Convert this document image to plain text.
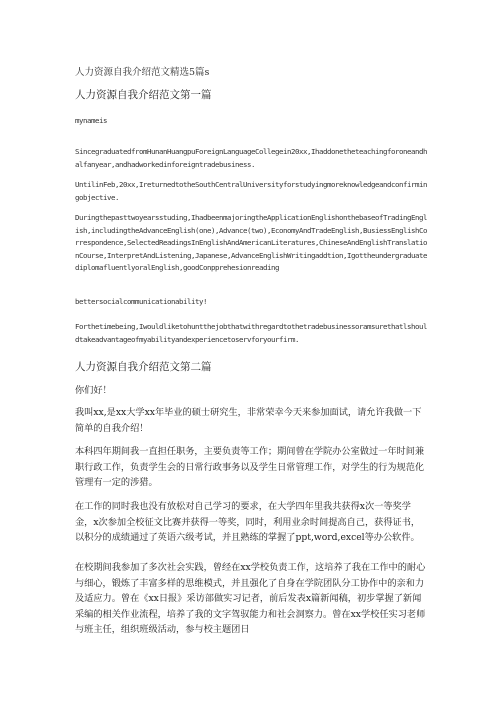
人力资源自我介绍范文精选5篇s
人力资源自我介绍范文第一篇
mynameis
SincegraduatedfromHunanHuangpuForeignLanguageCollegein20xx,Ihaddonetheteachingforoneandhalfanyear,andhadworkedinforeigntradebusiness.
UntilinFeb,20xx,IreturnedtotheSouthCentralUniversityforstudyingmoreknowledgeandconfirmingobjective.
Duringthepasttwoyearsstuding,IhadbeenmajoringtheApplicationEnglishonthebaseofTradingEnglish,includingtheAdvanceEnglish(one),Advance(two),EconomyAndTradeEnglish,BusiessEnglishCorrespondence,SelectedReadingsInEnglishAndAmericanLiteratures,ChineseAndEnglishTranslationCourse,InterpretAndListening,Japanese,AdvanceEnglishWritingaddtion,IgottheundergraduatediplomafluentlyoralEnglish,goodConpprehesionreading
bettersocialcommunicationability!
Forthetimebeing,Iwouldliketohuntthejobthatwithregardtothetradebusinessoramsurethatlshouldtakeadvantageofmyabilityandexperiencetoservforyourfirm.
人力资源自我介绍范文第二篇
你们好！
我叫xx,是xx大学xx年毕业的硕士研究生，非常荣幸今天来参加面试，请允许我做一下简单的自我介绍！
本科四年期间我一直担任职务，主要负责等工作；期间曾在学院办公室做过一年时间兼职行政工作，负责学生会的日常行政事务以及学生日常管理工作，对学生的行为规范化管理有一定的涉猎。
在工作的同时我也没有放松对自己学习的要求，在大学四年里我共获得x次一等奖学金，x次参加全校征文比赛并获得一等奖，同时，利用业余时间提高自己，获得证书，以积分的成绩通过了英语六级考试，并且熟练的掌握了ppt,word,excel等办公软件。
在校期间我参加了多次社会实践，曾经在xx学校负责工作，这培养了我在工作中的耐心与细心，锻炼了丰富多样的思维模式，并且强化了自身在学院团队分工协作中的亲和力及适应力。曾在《xx日报》采访部做实习记者，前后发表x篇新闻稿，初步掌握了新闻采编的相关作业流程，培养了我的文字驾驭能力和社会洞察力。曾在xx学校任实习老师与班主任，组织班级活动，参与校主题团日
